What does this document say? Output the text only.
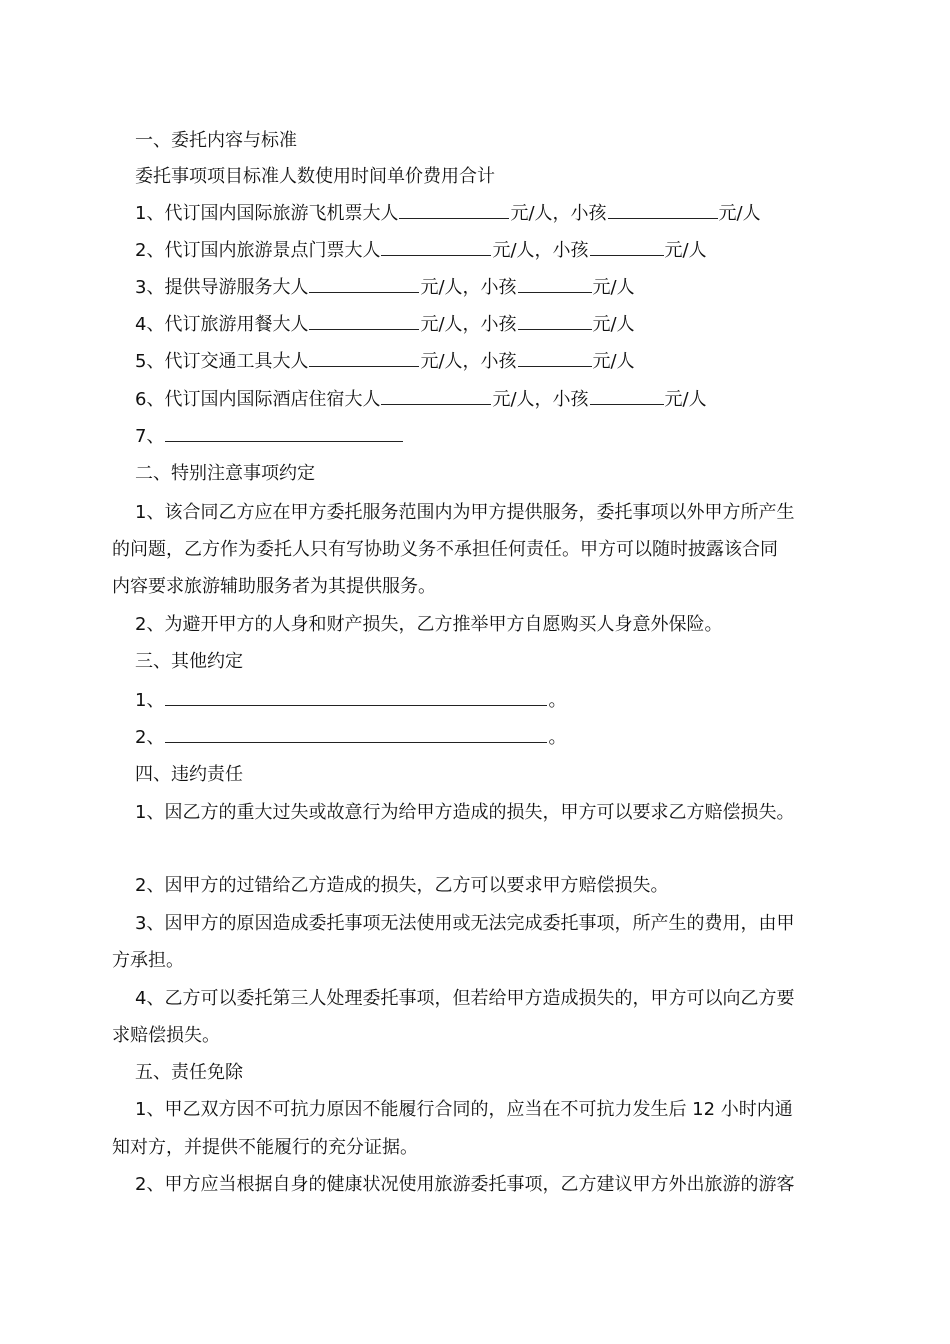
一、委托内容与标准
委托事项项目标准人数使用时间单价费用合计
1、代订国内国际旅游飞机票大人	元/人，小孩	元/人
2、代订国内旅游景点门票大人	元/人，小孩	元/人
3、提供导游服务大人	元/人，小孩	元/人
4、代订旅游用餐大人	元/人，小孩	元/人
5、代订交通工具大人	元/人，小孩	元/人
6、代订国内国际酒店住宿大人	元/人，小孩	元/人
7、
二、特别注意事项约定
1、该合同乙方应在甲方委托服务范围内为甲方提供服务，委托事项以外甲方所产生
的问题，乙方作为委托人只有写协助义务不承担任何责任。甲方可以随时披露该合同
内容要求旅游辅助服务者为其提供服务。
2、为避开甲方的人身和财产损失，乙方推举甲方自愿购买人身意外保险。
三、其他约定
1、	。
2、	。
四、违约责任
1、因乙方的重大过失或故意行为给甲方造成的损失，甲方可以要求乙方赔偿损失。
2、因甲方的过错给乙方造成的损失，乙方可以要求甲方赔偿损失。
3、因甲方的原因造成委托事项无法使用或无法完成委托事项，所产生的费用，由甲
方承担。
4、乙方可以委托第三人处理委托事项，但若给甲方造成损失的，甲方可以向乙方要
求赔偿损失。
五、责任免除
1、甲乙双方因不可抗力原因不能履行合同的，应当在不可抗力发生后 12 小时内通
知对方，并提供不能履行的充分证据。
2、甲方应当根据自身的健康状况使用旅游委托事项，乙方建议甲方外出旅游的游客
